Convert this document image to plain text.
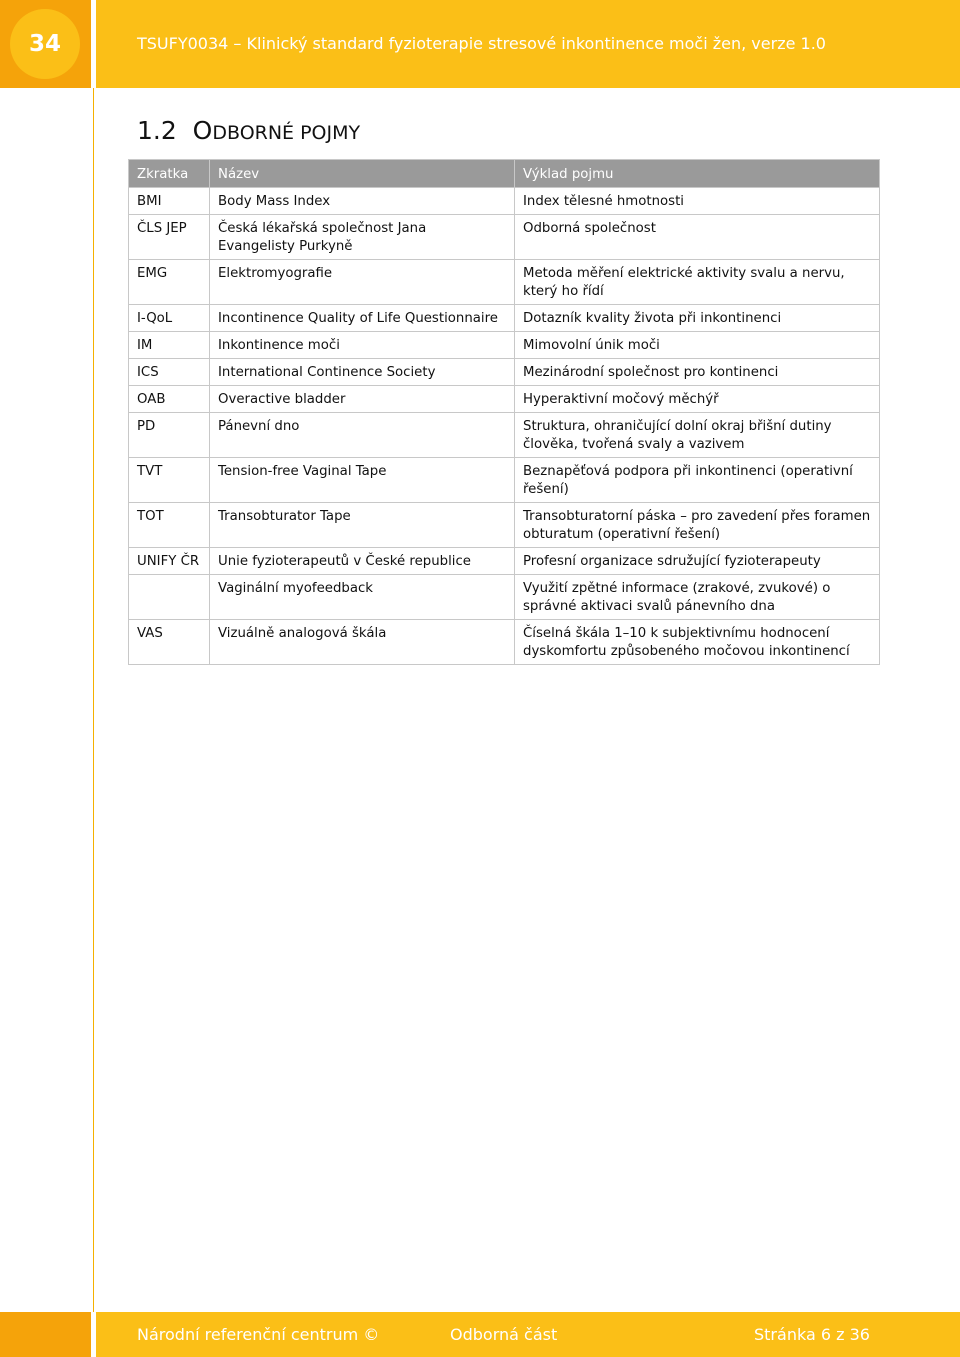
34	TSUFY0034 – Klinický standard fyzioterapie stresové inkontinence moči žen, verze 1.0
1.2 ODBORNÉ POJMY
Zkratka	Název	Výklad pojmu
BMI	Body Mass Index	Index tělesné hmotnosti
ČLS JEP	Česká lékařská společnost Jana Evangelisty Purkyně	Odborná společnost
EMG	Elektromyografie	Metoda měření elektrické aktivity svalu a nervu, který ho řídí
I-QoL	Incontinence Quality of Life Questionnaire	Dotazník kvality života při inkontinenci
IM	Inkontinence moči	Mimovolní únik moči
ICS	International Continence Society	Mezinárodní společnost pro kontinenci
OAB	Overactive bladder	Hyperaktivní močový měchýř
PD	Pánevní dno	Struktura, ohraničující dolní okraj břišní dutiny člověka, tvořená svaly a vazivem
TVT	Tension-free Vaginal Tape	Beznapěťová podpora při inkontinenci (operativní řešení)
TOT	Transobturator Tape	Transobturatorní páska – pro zavedení přes foramen obturatum (operativní řešení)
UNIFY ČR	Unie fyzioterapeutů v České republice	Profesní organizace sdružující fyzioterapeuty
	Vaginální myofeedback	Využití zpětné informace (zrakové, zvukové) o správné aktivaci svalů pánevního dna
VAS	Vizuálně analogová škála	Číselná škála 1–10 k subjektivnímu hodnocení dyskomfortu způsobeného močovou inkontinencí
Národní referenční centrum ©	Odborná část	Stránka 6 z 36
